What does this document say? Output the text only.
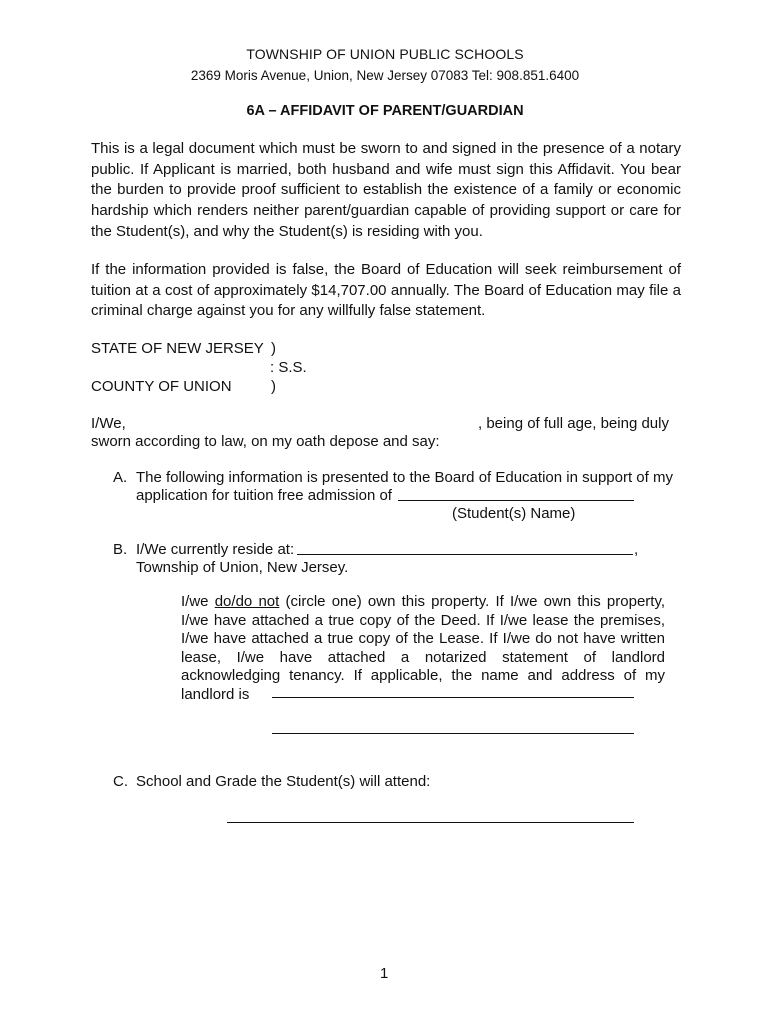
TOWNSHIP OF UNION PUBLIC SCHOOLS
2369 Moris Avenue, Union, New Jersey 07083 Tel: 908.851.6400
6A – AFFIDAVIT OF PARENT/GUARDIAN
This is a legal document which must be sworn to and signed in the presence of a notary public. If Applicant is married, both husband and wife must sign this Affidavit. You bear the burden to provide proof sufficient to establish the existence of a family or economic hardship which renders neither parent/guardian capable of providing support or care for the Student(s), and why the Student(s) is residing with you.
If the information provided is false, the Board of Education will seek reimbursement of tuition at a cost of approximately $14,707.00 annually. The Board of Education may file a criminal charge against you for any willfully false statement.
STATE OF NEW JERSEY )
: S.S.
COUNTY OF UNION	)
I/We,	, being of full age, being duly
sworn according to law, on my oath depose and say:
A. The following information is presented to the Board of Education in support of my
application for tuition free admission of
(Student(s) Name)
B. I/We currently reside at:	,
Township of Union, New Jersey.
I/we do/do not (circle one) own this property. If I/we own this property, I/we have attached a true copy of the Deed. If I/we lease the premises, I/we have attached a true copy of the Lease. If I/we do not have written lease, I/we have attached a notarized statement of landlord acknowledging tenancy. If applicable, the name and address of my landlord is
C. School and Grade the Student(s) will attend:
1
